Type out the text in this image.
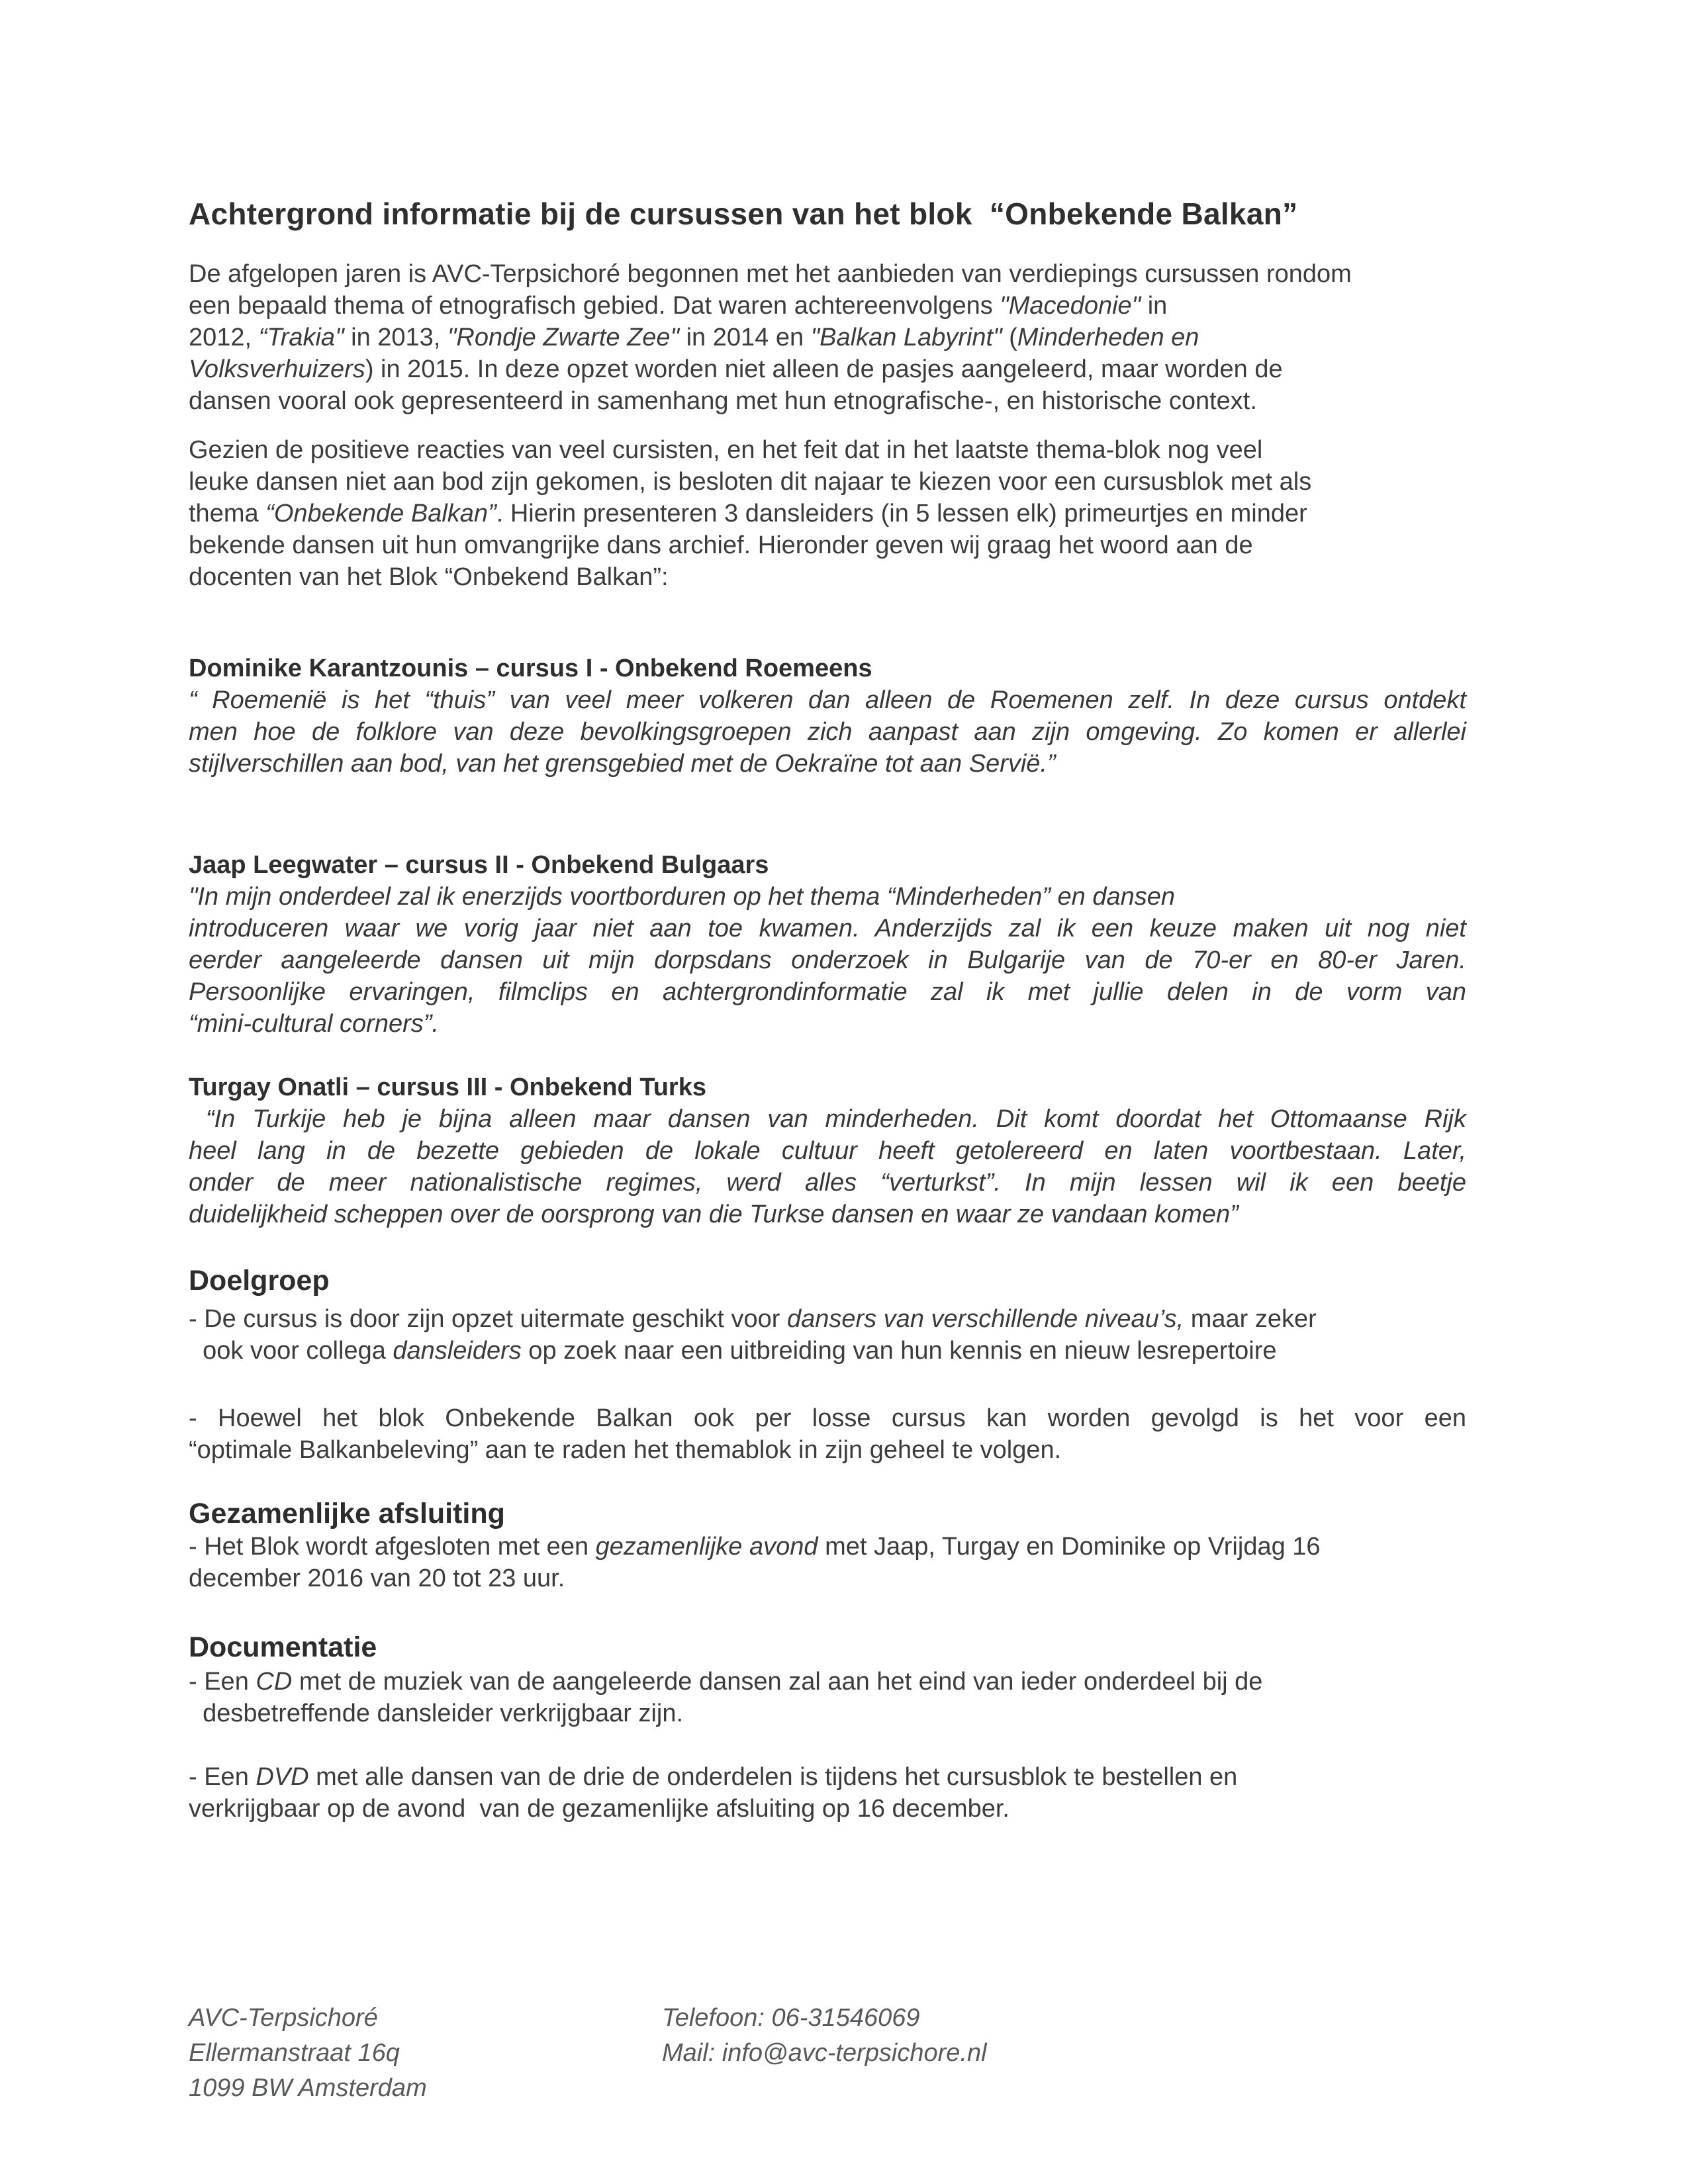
Achtergrond informatie bij de cursussen van het blok  “Onbekende Balkan”
De afgelopen jaren is AVC-Terpsichoré begonnen met het aanbieden van verdiepings cursussen rondom
een bepaald thema of etnografisch gebied. Dat waren achtereenvolgens "Macedonie" in
2012, “Trakia" in 2013, "Rondje Zwarte Zee" in 2014 en "Balkan Labyrint" (Minderheden en
Volksverhuizers) in 2015. In deze opzet worden niet alleen de pasjes aangeleerd, maar worden de
dansen vooral ook gepresenteerd in samenhang met hun etnografische-, en historische context.
Gezien de positieve reacties van veel cursisten, en het feit dat in het laatste thema-blok nog veel
leuke dansen niet aan bod zijn gekomen, is besloten dit najaar te kiezen voor een cursusblok met als
thema “Onbekende Balkan”. Hierin presenteren 3 dansleiders (in 5 lessen elk) primeurtjes en minder
bekende dansen uit hun omvangrijke dans archief. Hieronder geven wij graag het woord aan de
docenten van het Blok “Onbekend Balkan”:
Dominike Karantzounis – cursus I - Onbekend Roemeens
“ Roemenië is het “thuis” van veel meer volkeren dan alleen de Roemenen zelf. In deze cursus ontdekt
men hoe de folklore van deze bevolkingsgroepen zich aanpast aan zijn omgeving. Zo komen er allerlei
stijlverschillen aan bod, van het grensgebied met de Oekraïne tot aan Servië.”
Jaap Leegwater – cursus II - Onbekend Bulgaars
"In mijn onderdeel zal ik enerzijds voortborduren op het thema “Minderheden” en dansen
introduceren waar we vorig jaar niet aan toe kwamen. Anderzijds zal ik een keuze maken uit nog niet
eerder aangeleerde dansen uit mijn dorpsdans onderzoek in Bulgarije van de 70-er en 80-er Jaren.
Persoonlijke ervaringen, filmclips en achtergrondinformatie zal ik met jullie delen in de vorm van
“mini-cultural corners”.
Turgay Onatli – cursus III - Onbekend Turks
“In Turkije heb je bijna alleen maar dansen van minderheden. Dit komt doordat het Ottomaanse Rijk
heel lang in de bezette gebieden de lokale cultuur heeft getolereerd en laten voortbestaan. Later,
onder de meer nationalistische regimes, werd alles “verturkst”. In mijn lessen wil ik een beetje
duidelijkheid scheppen over de oorsprong van die Turkse dansen en waar ze vandaan komen”
Doelgroep
- De cursus is door zijn opzet uitermate geschikt voor dansers van verschillende niveau’s, maar zeker
ook voor collega dansleiders op zoek naar een uitbreiding van hun kennis en nieuw lesrepertoire
- Hoewel het blok Onbekende Balkan ook per losse cursus kan worden gevolgd is het voor een
“optimale Balkanbeleving” aan te raden het themablok in zijn geheel te volgen.
Gezamenlijke afsluiting
- Het Blok wordt afgesloten met een gezamenlijke avond met Jaap, Turgay en Dominike op Vrijdag 16
december 2016 van 20 tot 23 uur.
Documentatie
- Een CD met de muziek van de aangeleerde dansen zal aan het eind van ieder onderdeel bij de
desbetreffende dansleider verkrijgbaar zijn.
- Een DVD met alle dansen van de drie de onderdelen is tijdens het cursusblok te bestellen en
verkrijgbaar op de avond  van de gezamenlijke afsluiting op 16 december.
AVC-Terpsichoré
Ellermanstraat 16q
1099 BW Amsterdam
Telefoon: 06-31546069
Mail: info@avc-terpsichore.nl
